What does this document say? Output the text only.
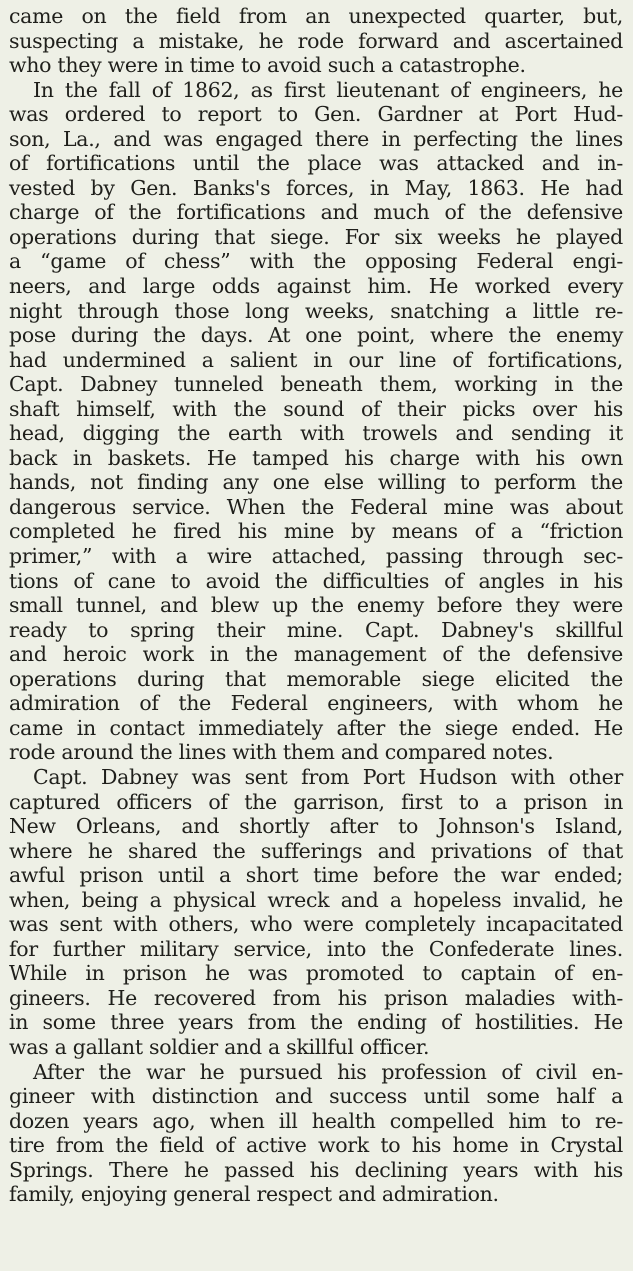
came on the field from an unexpected quarter, but,
suspecting a mistake, he rode forward and ascertained
who they were in time to avoid such a catastrophe.
In the fall of 1862, as first lieutenant of engineers, he
was ordered to report to Gen. Gardner at Port Hud-
son, La., and was engaged there in perfecting the lines
of fortifications until the place was attacked and in-
vested by Gen. Banks's forces, in May, 1863. He had
charge of the fortifications and much of the defensive
operations during that siege. For six weeks he played
a “game of chess” with the opposing Federal engi-
neers, and large odds against him. He worked every
night through those long weeks, snatching a little re-
pose during the days. At one point, where the enemy
had undermined a salient in our line of fortifications,
Capt. Dabney tunneled beneath them, working in the
shaft himself, with the sound of their picks over his
head, digging the earth with trowels and sending it
back in baskets. He tamped his charge with his own
hands, not finding any one else willing to perform the
dangerous service. When the Federal mine was about
completed he fired his mine by means of a “friction
primer,” with a wire attached, passing through sec-
tions of cane to avoid the difficulties of angles in his
small tunnel, and blew up the enemy before they were
ready to spring their mine. Capt. Dabney's skillful
and heroic work in the management of the defensive
operations during that memorable siege elicited the
admiration of the Federal engineers, with whom he
came in contact immediately after the siege ended. He
rode around the lines with them and compared notes.
Capt. Dabney was sent from Port Hudson with other
captured officers of the garrison, first to a prison in
New Orleans, and shortly after to Johnson's Island,
where he shared the sufferings and privations of that
awful prison until a short time before the war ended;
when, being a physical wreck and a hopeless invalid, he
was sent with others, who were completely incapacitated
for further military service, into the Confederate lines.
While in prison he was promoted to captain of en-
gineers. He recovered from his prison maladies with-
in some three years from the ending of hostilities. He
was a gallant soldier and a skillful officer.
After the war he pursued his profession of civil en-
gineer with distinction and success until some half a
dozen years ago, when ill health compelled him to re-
tire from the field of active work to his home in Crystal
Springs. There he passed his declining years with his
family, enjoying general respect and admiration.
